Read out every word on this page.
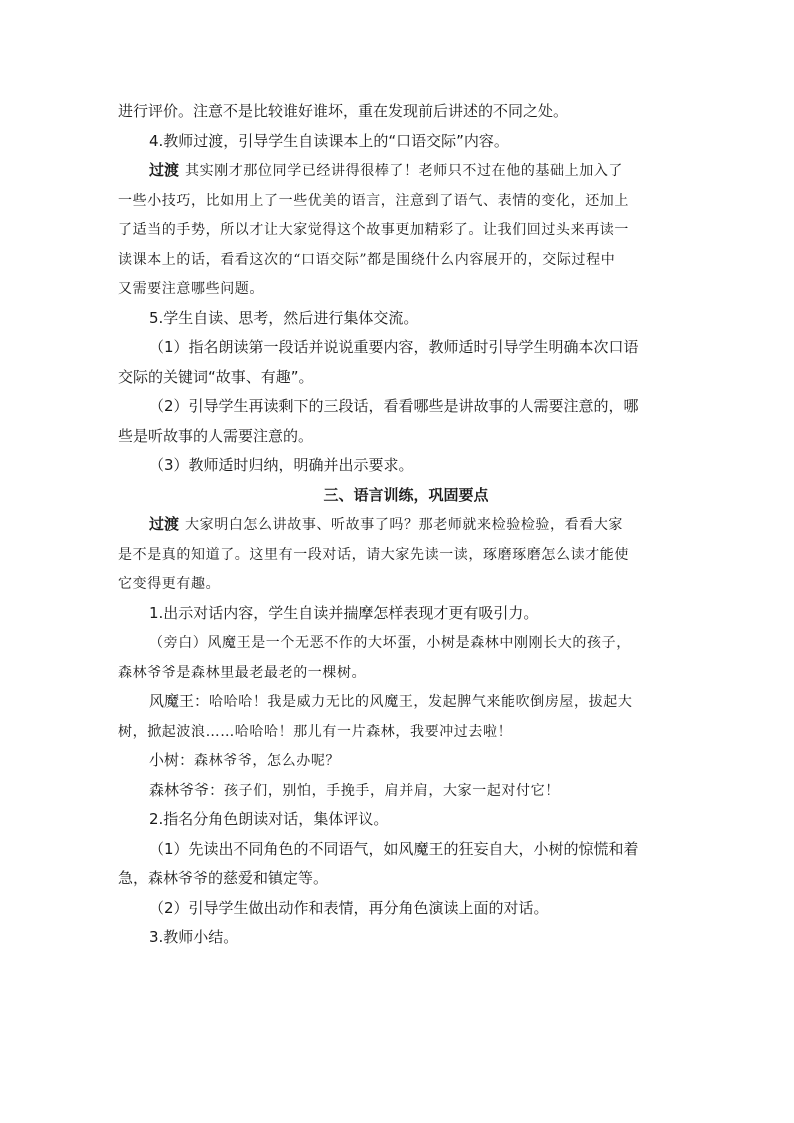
进行评价。注意不是比较谁好谁坏，重在发现前后讲述的不同之处。
4.教师过渡，引导学生自读课本上的“口语交际”内容。
过渡 其实刚才那位同学已经讲得很棒了！老师只不过在他的基础上加入了
一些小技巧，比如用上了一些优美的语言，注意到了语气、表情的变化，还加上
了适当的手势，所以才让大家觉得这个故事更加精彩了。让我们回过头来再读一
读课本上的话，看看这次的“口语交际”都是围绕什么内容展开的，交际过程中
又需要注意哪些问题。
5.学生自读、思考，然后进行集体交流。
（1）指名朗读第一段话并说说重要内容，教师适时引导学生明确本次口语
交际的关键词“故事、有趣”。
（2）引导学生再读剩下的三段话，看看哪些是讲故事的人需要注意的，哪
些是听故事的人需要注意的。
（3）教师适时归纳，明确并出示要求。
三、语言训练，巩固要点
过渡 大家明白怎么讲故事、听故事了吗？那老师就来检验检验，看看大家
是不是真的知道了。这里有一段对话，请大家先读一读，琢磨琢磨怎么读才能使
它变得更有趣。
1.出示对话内容，学生自读并揣摩怎样表现才更有吸引力。
（旁白）风魔王是一个无恶不作的大坏蛋，小树是森林中刚刚长大的孩子，
森林爷爷是森林里最老最老的一棵树。
风魔王：哈哈哈！我是威力无比的风魔王，发起脾气来能吹倒房屋，拔起大
树，掀起波浪……哈哈哈！那儿有一片森林，我要冲过去啦！
小树：森林爷爷，怎么办呢？
森林爷爷：孩子们，别怕，手挽手，肩并肩，大家一起对付它！
2.指名分角色朗读对话，集体评议。
（1）先读出不同角色的不同语气，如风魔王的狂妄自大，小树的惊慌和着
急，森林爷爷的慈爱和镇定等。
（2）引导学生做出动作和表情，再分角色演读上面的对话。
3.教师小结。
